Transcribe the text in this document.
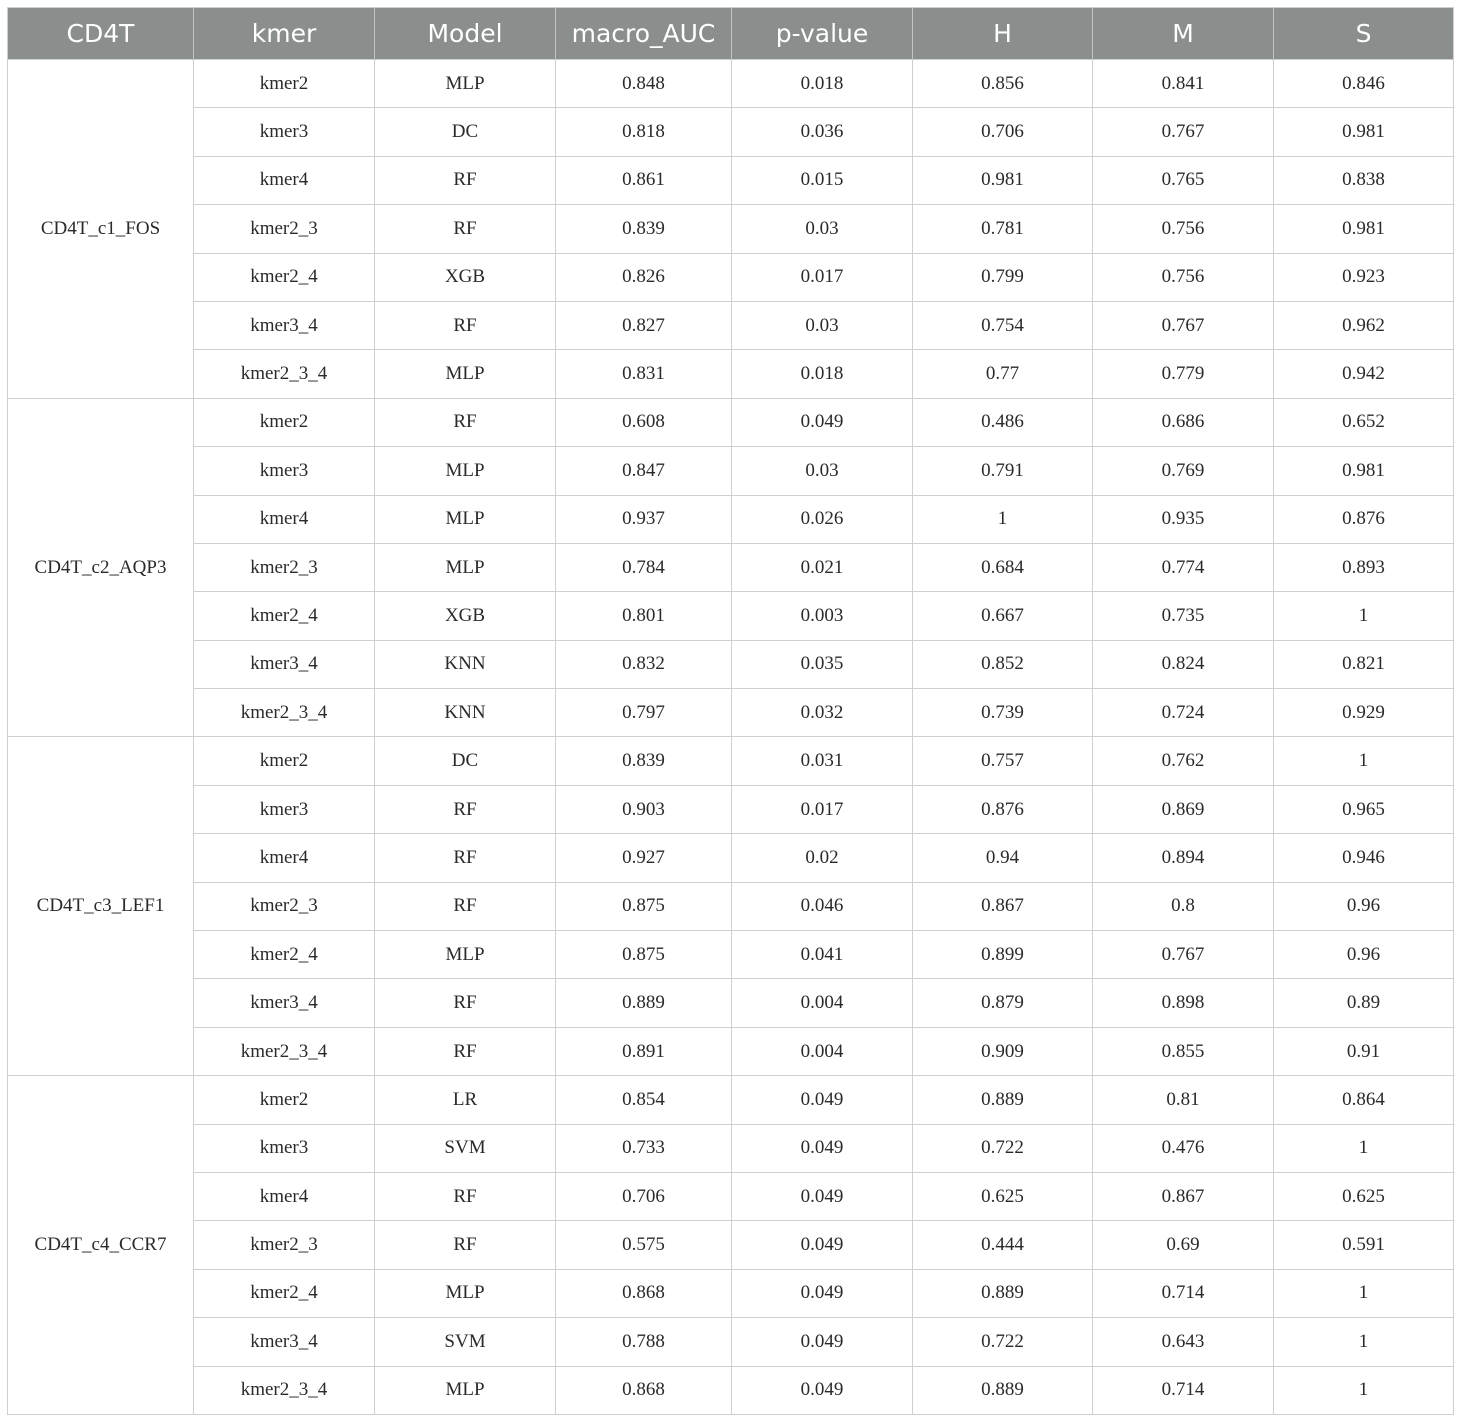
CD4T	kmer	Model	macro_AUC	p-value	H	M	S
CD4T_c1_FOS	kmer2	MLP	0.848	0.018	0.856	0.841	0.846
	kmer3	DC	0.818	0.036	0.706	0.767	0.981
	kmer4	RF	0.861	0.015	0.981	0.765	0.838
	kmer2_3	RF	0.839	0.03	0.781	0.756	0.981
	kmer2_4	XGB	0.826	0.017	0.799	0.756	0.923
	kmer3_4	RF	0.827	0.03	0.754	0.767	0.962
	kmer2_3_4	MLP	0.831	0.018	0.77	0.779	0.942
CD4T_c2_AQP3	kmer2	RF	0.608	0.049	0.486	0.686	0.652
	kmer3	MLP	0.847	0.03	0.791	0.769	0.981
	kmer4	MLP	0.937	0.026	1	0.935	0.876
	kmer2_3	MLP	0.784	0.021	0.684	0.774	0.893
	kmer2_4	XGB	0.801	0.003	0.667	0.735	1
	kmer3_4	KNN	0.832	0.035	0.852	0.824	0.821
	kmer2_3_4	KNN	0.797	0.032	0.739	0.724	0.929
CD4T_c3_LEF1	kmer2	DC	0.839	0.031	0.757	0.762	1
	kmer3	RF	0.903	0.017	0.876	0.869	0.965
	kmer4	RF	0.927	0.02	0.94	0.894	0.946
	kmer2_3	RF	0.875	0.046	0.867	0.8	0.96
	kmer2_4	MLP	0.875	0.041	0.899	0.767	0.96
	kmer3_4	RF	0.889	0.004	0.879	0.898	0.89
	kmer2_3_4	RF	0.891	0.004	0.909	0.855	0.91
CD4T_c4_CCR7	kmer2	LR	0.854	0.049	0.889	0.81	0.864
	kmer3	SVM	0.733	0.049	0.722	0.476	1
	kmer4	RF	0.706	0.049	0.625	0.867	0.625
	kmer2_3	RF	0.575	0.049	0.444	0.69	0.591
	kmer2_4	MLP	0.868	0.049	0.889	0.714	1
	kmer3_4	SVM	0.788	0.049	0.722	0.643	1
	kmer2_3_4	MLP	0.868	0.049	0.889	0.714	1
